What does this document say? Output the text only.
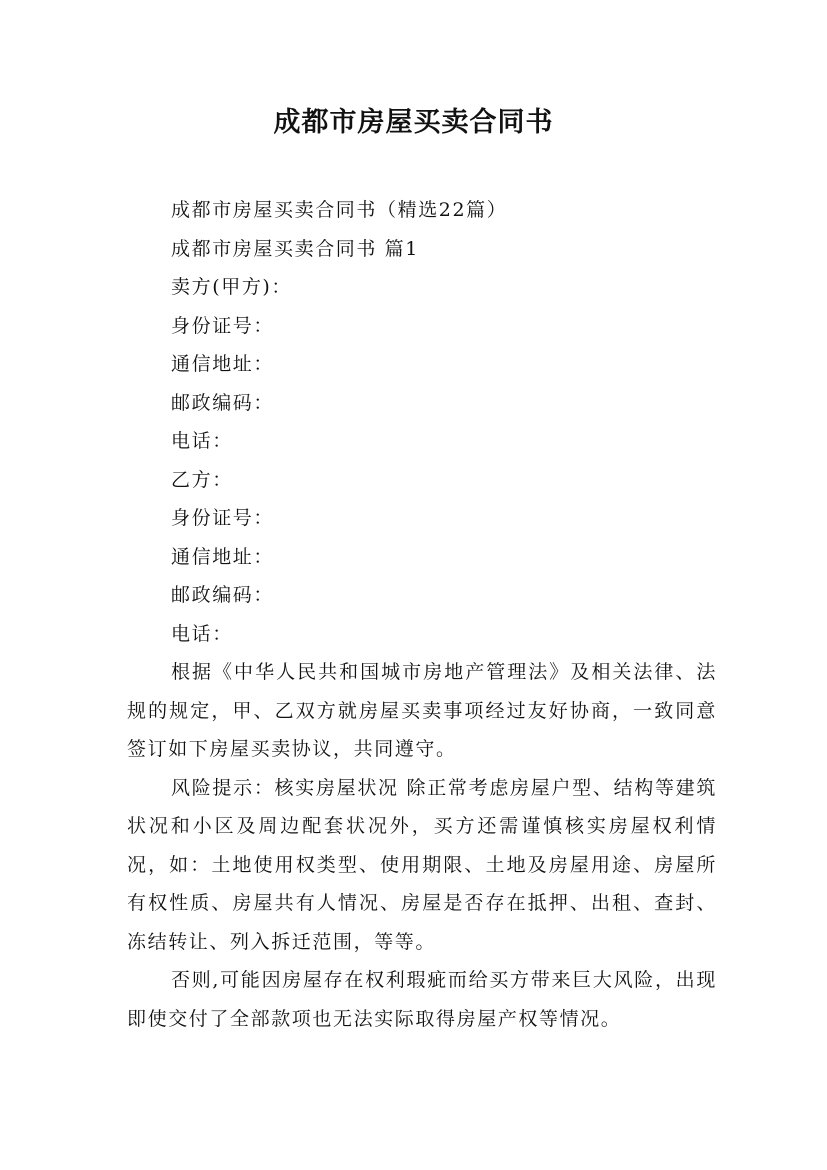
成都市房屋买卖合同书

成都市房屋买卖合同书（精选22篇）

成都市房屋买卖合同书 篇1

卖方(甲方)：

身份证号：

通信地址：

邮政编码：

电话：

乙方：

身份证号：

通信地址：

邮政编码：

电话：

根据《中华人民共和国城市房地产管理法》及相关法律、法规的规定，甲、乙双方就房屋买卖事项经过友好协商，一致同意签订如下房屋买卖协议，共同遵守。

风险提示：核实房屋状况 除正常考虑房屋户型、结构等建筑状况和小区及周边配套状况外，买方还需谨慎核实房屋权利情况，如：土地使用权类型、使用期限、土地及房屋用途、房屋所有权性质、房屋共有人情况、房屋是否存在抵押、出租、查封、冻结转让、列入拆迁范围，等等。

否则,可能因房屋存在权利瑕疵而给买方带来巨大风险，出现即使交付了全部款项也无法实际取得房屋产权等情况。
